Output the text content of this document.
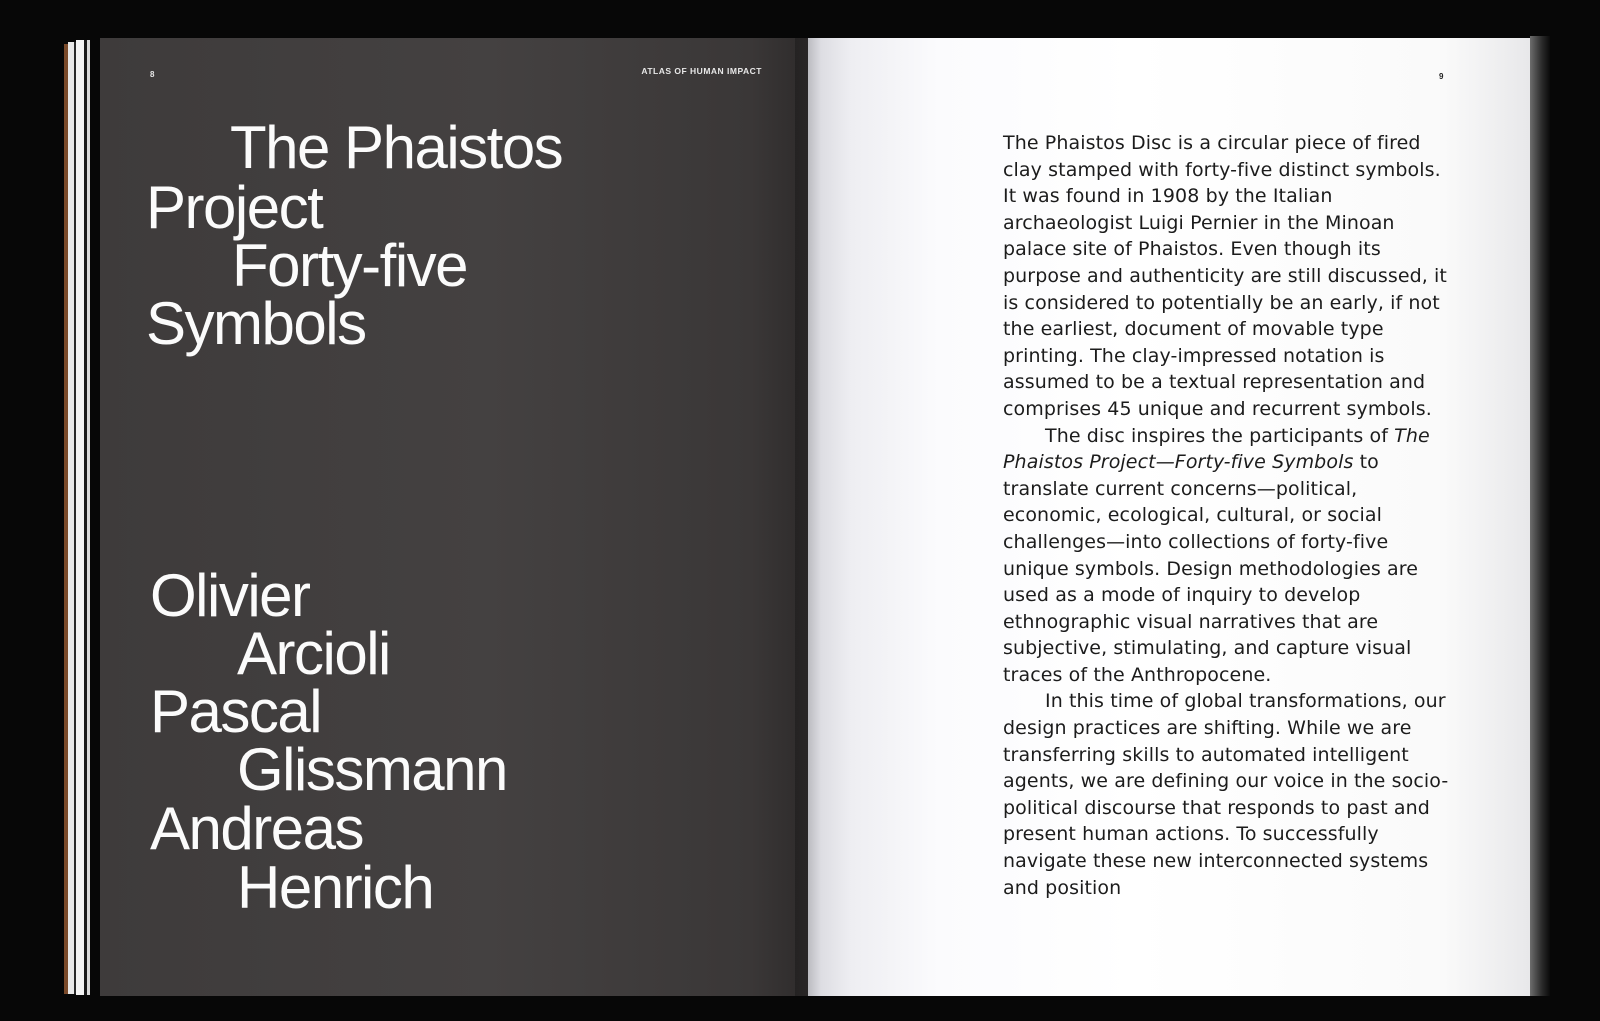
8	ATLAS OF HUMAN IMPACT
The Phaistos
Project
Forty-five
Symbols
Olivier
Arcioli
Pascal
Glissmann
Andreas
Henrich
9

The Phaistos Disc is a circular piece of fired clay stamped with forty-five distinct symbols. It was found in 1908 by the Italian archaeologist Luigi Pernier in the Minoan palace site of Phaistos. Even though its purpose and authenticity are still discussed, it is considered to potentially be an early, if not the earliest, document of movable type printing. The clay-impressed notation is assumed to be a textual representation and comprises 45 unique and recurrent symbols.

The disc inspires the participants of The Phaistos Project—Forty-five Symbols to translate current concerns—political, economic, ecological, cultural, or social challenges—into collections of forty-five unique symbols. Design methodologies are used as a mode of inquiry to develop ethnographic visual narratives that are subjective, stimulating, and capture visual traces of the Anthropocene.

In this time of global transformations, our design practices are shifting. While we are transferring skills to automated intelligent agents, we are defining our voice in the socio-political discourse that responds to past and present human actions. To successfully navigate these new interconnected systems and position
